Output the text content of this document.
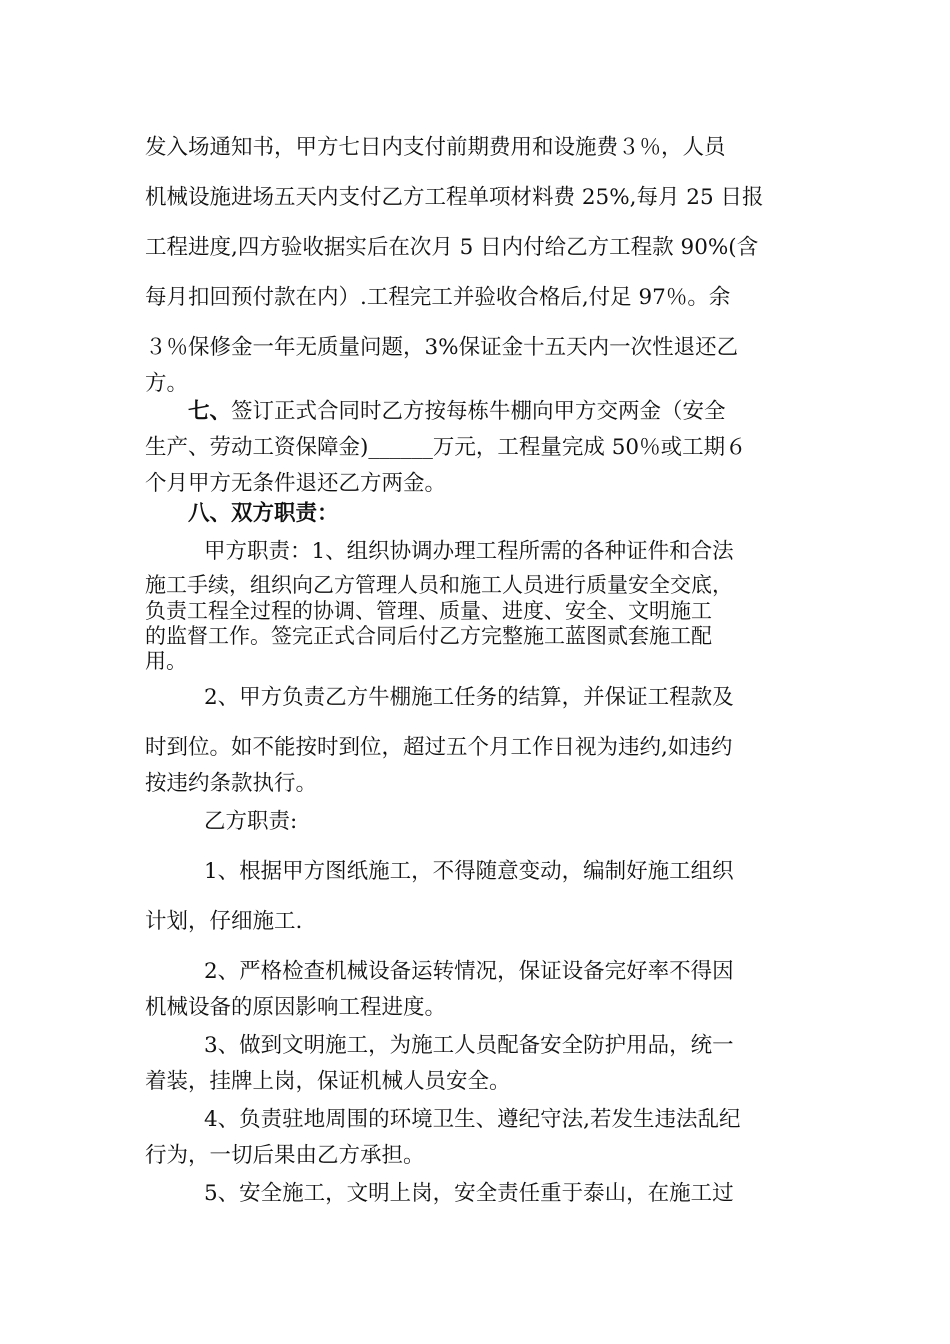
发入场通知书，甲方七日内支付前期费用和设施费３％，人员
机械设施进场五天内支付乙方工程单项材料费 25%,每月 25 日报
工程进度,四方验收据实后在次月 5 日内付给乙方工程款 90%(含
每月扣回预付款在内）.工程完工并验收合格后,付足 97％。余
３％保修金一年无质量问题，3%保证金十五天内一次性退还乙
方。
七、签订正式合同时乙方按每栋牛棚向甲方交两金（安全
生产、劳动工资保障金)______万元，工程量完成 50％或工期６
个月甲方无条件退还乙方两金。
八、双方职责：
甲方职责：1、组织协调办理工程所需的各种证件和合法
施工手续，组织向乙方管理人员和施工人员进行质量安全交底，
负责工程全过程的协调、管理、质量、进度、安全、文明施工
的监督工作。签完正式合同后付乙方完整施工蓝图贰套施工配
用。
2、甲方负责乙方牛棚施工任务的结算，并保证工程款及
时到位。如不能按时到位，超过五个月工作日视为违约,如违约
按违约条款执行。
乙方职责:
1、根据甲方图纸施工，不得随意变动，编制好施工组织
计划，仔细施工.
2、严格检查机械设备运转情况，保证设备完好率不得因
机械设备的原因影响工程进度。
3、做到文明施工，为施工人员配备安全防护用品，统一
着装，挂牌上岗，保证机械人员安全。
4、负责驻地周围的环境卫生、遵纪守法,若发生违法乱纪
行为，一切后果由乙方承担。
5、安全施工，文明上岗，安全责任重于泰山，在施工过
